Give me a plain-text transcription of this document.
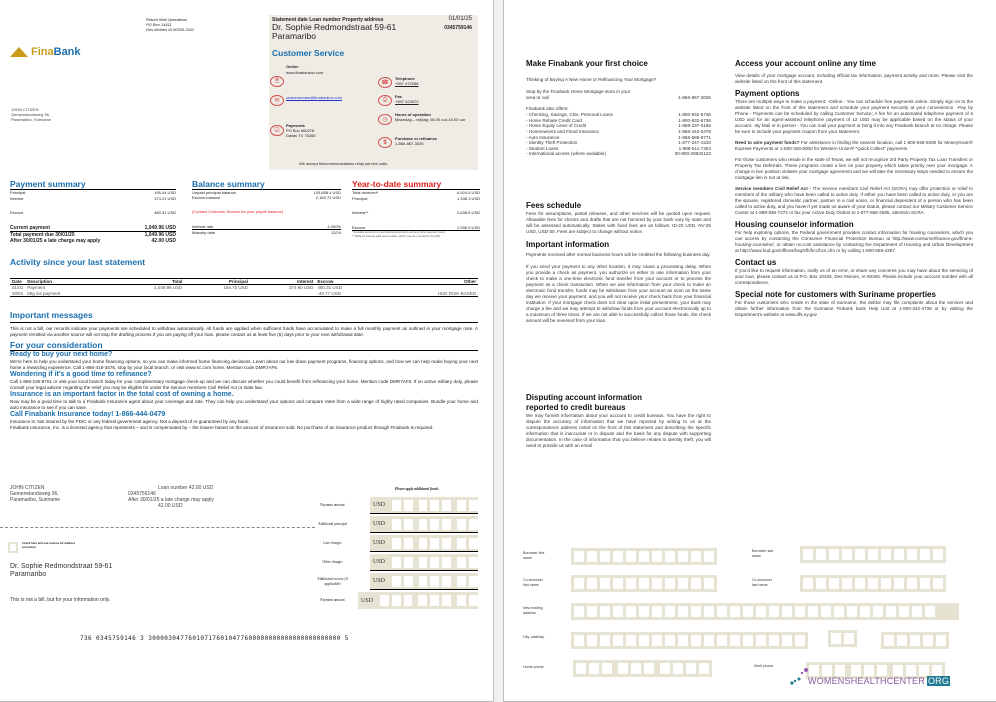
Fina Bank
Return Mail Operations
PO Box 14411
Des Moines IA 50306-3411
JOHN CITIZEN
Gemenelandsweg 36,
Paramaribo, Suriname
Statement date Loan number Property address	01/01/25
Dr. Sophie Redmondstraat 59-61	0345759146
Paramaribo
Customer Service
Online
www.finabanknv.com
🖱
✉
customercare@finabanknv.com
☑
Payments
PO Box 660278
Dallas TX 75266
☎
Telephone
+597 472266
⎙
Fax
+597 422672
◷
Hours of operation
Maandag – vrijdag: 08.00 uur-15.00 uur
$
Purchase or refinance
1-866-867-3026
We accept telecommunications relay service calls.
Payment summary
Principal	195.44 USD
Interest	374.21 USD
Escrow	480.31 USD
Current payment	1,049.96 USD
Total payment due 30/01/25	1,049.96 USD
After 30/01/25 a late charge may apply	42.00 USD
Balance summary
Unpaid principal balance	105,658.4 USD
Escrow balance	2,169.71 USD
(Contact Customer Service for your payoff balance)
Interest rate	4.250%
Maturity date	12/24
Year-to-date summary
Total received*	6,924.5 USD
Principal	1,348.3 USD
Interest**	2,638.6 USD
Escrow	2,936.9 USD
* Includes amounts for escrow/impound items and any other payment items
** Reflects interest paid year-to-date, which may be reported to the IRS
Activity since your last statement
Date	Description	Total	Principal	Interest	Escrow	Other
01/01	Payment	1,049.96 USD	194.75 USD	374.90 USD	480.31 USD	
30/01	Mtg ins payment				-48.77 USD	HUD RISK-BASED
Important messages
This is not a bill, our records indicate your payments are scheduled to withdraw automatically. All funds are applied when sufficient funds have accumulated to make a full monthly payment as outlined in your mortgage note. A payment remitted via another source will not stop the drafting process.If you are paying off your loan, please contact us at least five (5) days prior to your next withdrawal date.
For your consideration
Ready to buy your next home?
We're here to help you understand your home financing options, so you can make informed home financing decisions. Learn about our low down payment programs, financing options, and how we can help make buying your next home a rewarding experience. Call 1-866-418-3476, stop by your local branch, or visit www.sc.com home. Mention code DMR7AF6.
Wondering if it's a good time to refinance?
Call 1-866-235-8701 or visit your local branch today for your complimentary mortgage check-up and we can discuss whether you could benefit from refinancing your home. Mention code DMR7AF6. If on active military duty, please consult your legal advisor regarding the relief you may be eligible for under the Service members Civil Relief Act or state law.
Insurance is an important factor in the total cost of owning a home.
Now may be a good time to talk to a Finabank Insurance agent about your coverage and rate. They can help you understand your options and compare rates from a wide range of highly rated companies. Bundle your home and auto insurance to see if you can save.
Call Finabank Insurance today! 1-866-444-0479
Insurance is: Not insured by the FDIC or any federal government agency. Not a deposit of or guaranteed by any bank.
Finabank Insurance, Inc. is a licensed agency that represents – and is compensated by – the insurer based on the amount of insurance sold. No purchase of an insurance product through Finabank is required.
JOHN CITIZEN
Gemenelandsweg 36,
Paramaribo, Suriname
Loan number 42.00 USD
0345759146
After 30/01/25 a late charge may apply
42.00 USD
Please apply additional funds
Payment amount	USD
Additional principal	USD
Late charges	USD
Other charges	USD
Additional escrow (if applicable)	USD
Payment amount	USD
Check here and use reverse for address correction.
Dr. Sophie Redmondstraat 59-61
Paramaribo
This is not a bill, but for your information only.
736 0345759146 3 300003047760107176010477600000000000000000000000 5
Make Finabank your first choice
Thinking of Buying A New Home or Refinancing Your Mortgage?
Stop by the Finabank Home Mortgage store in your area or call	1-866-867-3026
Finabank also offers:
- Checking, Savings, CDs, Personal Loans	1-800-932-6736
- Home Rebate Credit Card	1-800-932-6736
- Home Equity Lines of Credit	1-888-237-0186
- Homeowners and Flood Insurance	1-866-444-0479
- Auto Insurance	1-866-586-9771
- Identity Theft Protection	1-877-247-1533
- Student Loans	1-888-511-7304
- International access (where available)	00-800-28832122
Fees schedule
Fees for assumptions, partial releases, and other services will be quoted upon request. Allowable fees for checks and drafts that are not honored by your bank vary by state and will be assessed automatically. States with fixed fees are as follows: ID-20 USD, NV-25 USD, USD-30. Fees are subject to change without notice.
Important information
Payments received after normal business hours will be credited the following business day.
If you send your payment to any other location, it may cause a processing delay. When you provide a check as payment, you authorize us either to use information from your check to make a one-time electronic fund transfer from your account or to process the payment as a check transaction. When we use information from your check to make an electronic fund transfer, funds may be withdrawn from your account as soon as the same day we receive your payment, and you will not receive your check back from your financial institution. If your mortgage check does not clear upon initial presentment, your bank may charge a fee and we may attempt to withdraw funds from your account electronically up to a maximum of three times. If we are not able to successfully collect those funds, the check amount will be reversed from your loan.
Disputing account information
reported to credit bureaus
We may furnish information about your account to credit bureaus. You have the right to dispute the accuracy of information that we have reported by writing to us at the correspondence address noted on the front of this statement and describing the specific information that is inaccurate or in dispute and the basis for any dispute with supporting documentation. In the case of information that you believe relates to identity theft, you will need to provide us with an email
Access your account online any time
View details of your mortgage account, including official tax information, payment activity and more. Please visit the website listed on the front of this statement.
Payment options
There are multiple ways to make a payment: -Online - You can schedule free payments online. Simply sign on to the website listed on the front of this statement and schedule your payment securely at your convenience. -Pay by Phone - Payments can be scheduled by calling Customer Service; A fee for an automated telephone payment of 6 USD and for an agent-assisted telephone payment of 12 USD may be applicable based on the status of your account. -By Mail or in person - You can mail your payment or bring it into any Finabank Branch at no charge. Please be sure to include your payment coupon from your statement.
Need to wire payment funds? For assistance in finding the nearest location, call 1-800-926-9400 for MoneyGram® Express Payments or 1-800-325-6000 for Western Union® "Quick Collect" payments.
For those customers who reside in the state of Texas, we will not recognize 3rd Party Property Tax Loan Transfers or Property Tax Deferrals. These programs create a lien on your property which takes priority over your mortgage. A change in lien position violates your mortgage agreement and we will take the necessary steps needed to ensure the mortgage lien is not at risk.
Service members Civil Relief Act - The Service members Civil Relief Act (SCRA) may offer protection or relief to members of the military who have been called to active duty. If either you have been called to active duty, or you are the spouse, registered domestic partner, partner in a civil union, or financial dependent of a person who has been called to active duty, and you haven't yet made us aware of your status, please contact our Military Customer Service Center at 1-888-936-7272 or fax your Active Duty Orders to 1-877-658-4585, attention SCRA.
Housing counselor information
For help exploring options, the Federal government provides contact information for housing counselors, which you can access by contacting the Consumer Financial Protection Bureau at http://www.consumerfinance.gov/find-a-housing-counselor/, or obtain no-cost assistance by contacting the Department of Housing and Urban Development at http://www.hud.gov/offices/hsg/sfh/hcc/hcs.cfm or by calling 1-800-569-4287.
Contact us
If you'd like to request information, notify us of an error, or share any concerns you may have about the servicing of your loan, please contact us at P.O. Box 10335, Des Moines, IA 50306. Please include your account number with all correspondence.
Special note for customers with Suriname properties
For those customers who reside in the state of Suriname, the debtor may file complaints about the servicer and obtain further information from the Suriname Finbank bank Help Unit at 1-800-342-3736 or by visiting the Department's website at www.dfs.ny.gov
Borrower first name
Borrower last name
Co-borrower first name
Co-borrower last name
New mailing address
City, state/zip
Home phone	Work phone
WOMENSHEALTHCENTER ORG
